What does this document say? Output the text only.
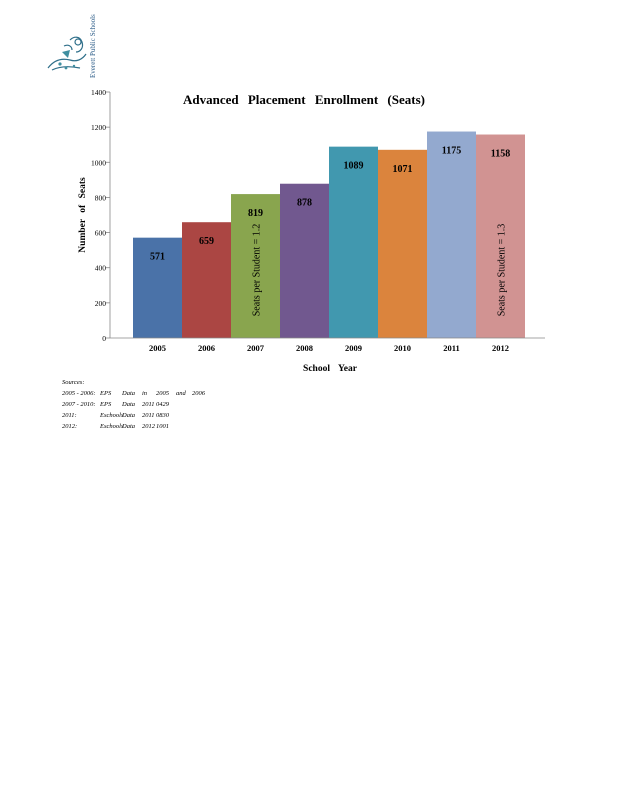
Everett Public Schools
Advanced Placement Enrollment (Seats)
0
200
400
600
800
1000
1200
1400
571
659
819
878
1089	1071
1175	1158
Seats per Student = 1.2	Seats per Student = 1.3
2005	2006	2007	2008	2009	2010	2011	2012
School Year
Number of Seats
Sources:
2005 - 2006: EPS Data in 2005 and 2006
2007 - 2010: EPS Data 20110429
2011:	EschoolsData 20110830
2012:	EschoolsData 20121001
